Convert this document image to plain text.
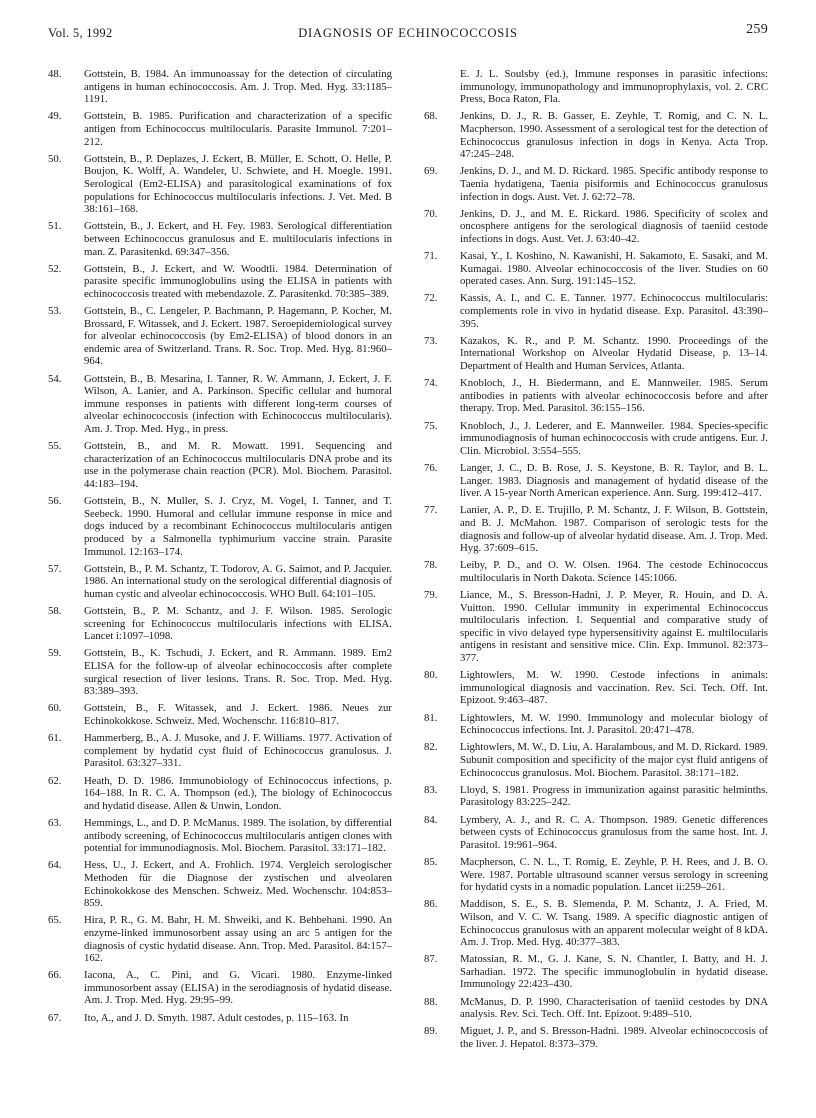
Vol. 5, 1992	DIAGNOSIS OF ECHINOCOCCOSIS	259
48. Gottstein, B. 1984. An immunoassay for the detection of circulating antigens in human echinococcosis. Am. J. Trop. Med. Hyg. 33:1185–1191.
49. Gottstein, B. 1985. Purification and characterization of a specific antigen from Echinococcus multilocularis. Parasite Immunol. 7:201–212.
50. Gottstein, B., P. Deplazes, J. Eckert, B. Müller, E. Schott, O. Helle, P. Boujon, K. Wolff, A. Wandeler, U. Schwiete, and H. Moegle. 1991. Serological (Em2-ELISA) and parasitological examinations of fox populations for Echinococcus multilocularis infections. J. Vet. Med. B 38:161–168.
51. Gottstein, B., J. Eckert, and H. Fey. 1983. Serological differentiation between Echinococcus granulosus and E. multilocularis infections in man. Z. Parasitenkd. 69:347–356.
52. Gottstein, B., J. Eckert, and W. Woodtli. 1984. Determination of parasite specific immunoglobulins using the ELISA in patients with echinococcosis treated with mebendazole. Z. Parasitenkd. 70:385–389.
53. Gottstein, B., C. Lengeler, P. Bachmann, P. Hagemann, P. Kocher, M. Brossard, F. Witassek, and J. Eckert. 1987. Seroepidemiological survey for alveolar echinococcosis (by Em2-ELISA) of blood donors in an endemic area of Switzerland. Trans. R. Soc. Trop. Med. Hyg. 81:960–964.
54. Gottstein, B., B. Mesarina, I. Tanner, R. W. Ammann, J. Eckert, J. F. Wilson, A. Lanier, and A. Parkinson. Specific cellular and humoral immune responses in patients with different long-term courses of alveolar echinococcosis (infection with Echinococcus multilocularis). Am. J. Trop. Med. Hyg., in press.
55. Gottstein, B., and M. R. Mowatt. 1991. Sequencing and characterization of an Echinococcus multilocularis DNA probe and its use in the polymerase chain reaction (PCR). Mol. Biochem. Parasitol. 44:183–194.
56. Gottstein, B., N. Muller, S. J. Cryz, M. Vogel, I. Tanner, and T. Seebeck. 1990. Humoral and cellular immune response in mice and dogs induced by a recombinant Echinococcus multilocularis antigen produced by a Salmonella typhimurium vaccine strain. Parasite Immunol. 12:163–174.
57. Gottstein, B., P. M. Schantz, T. Todorov, A. G. Saimot, and P. Jacquier. 1986. An international study on the serological differential diagnosis of human cystic and alveolar echinococcosis. WHO Bull. 64:101–105.
58. Gottstein, B., P. M. Schantz, and J. F. Wilson. 1985. Serologic screening for Echinococcus multilocularis infections with ELISA. Lancet i:1097–1098.
59. Gottstein, B., K. Tschudi, J. Eckert, and R. Ammann. 1989. Em2 ELISA for the follow-up of alveolar echinococcosis after complete surgical resection of liver lesions. Trans. R. Soc. Trop. Med. Hyg. 83:389–393.
60. Gottstein, B., F. Witassek, and J. Eckert. 1986. Neues zur Echinokokkose. Schweiz. Med. Wochenschr. 116:810–817.
61. Hammerberg, B., A. J. Musoke, and J. F. Williams. 1977. Activation of complement by hydatid cyst fluid of Echinococcus granulosus. J. Parasitol. 63:327–331.
62. Heath, D. D. 1986. Immunobiology of Echinococcus infections, p. 164–188. In R. C. A. Thompson (ed.), The biology of Echinococcus and hydatid disease. Allen & Unwin, London.
63. Hemmings, L., and D. P. McManus. 1989. The isolation, by differential antibody screening, of Echinococcus multilocularis antigen clones with potential for immunodiagnosis. Mol. Biochem. Parasitol. 33:171–182.
64. Hess, U., J. Eckert, and A. Frohlich. 1974. Vergleich serologischer Methoden für die Diagnose der zystischen und alveolaren Echinokokkose des Menschen. Schweiz. Med. Wochenschr. 104:853–859.
65. Hira, P. R., G. M. Bahr, H. M. Shweiki, and K. Behbehani. 1990. An enzyme-linked immunosorbent assay using an arc 5 antigen for the diagnosis of cystic hydatid disease. Ann. Trop. Med. Parasitol. 84:157–162.
66. Iacona, A., C. Pini, and G. Vicari. 1980. Enzyme-linked immunosorbent assay (ELISA) in the serodiagnosis of hydatid disease. Am. J. Trop. Med. Hyg. 29:95–99.
67. Ito, A., and J. D. Smyth. 1987. Adult cestodes, p. 115–163. In
E. J. L. Soulsby (ed.), Immune responses in parasitic infections: immunology, immunopathology and immunoprophylaxis, vol. 2. CRC Press, Boca Raton, Fla.
68. Jenkins, D. J., R. B. Gasser, E. Zeyhle, T. Romig, and C. N. L. Macpherson. 1990. Assessment of a serological test for the detection of Echinococcus granulosus infection in dogs in Kenya. Acta Trop. 47:245–248.
69. Jenkins, D. J., and M. D. Rickard. 1985. Specific antibody response to Taenia hydatigena, Taenia pisiformis and Echinococcus granulosus infection in dogs. Aust. Vet. J. 62:72–78.
70. Jenkins, D. J., and M. E. Rickard. 1986. Specificity of scolex and oncosphere antigens for the serological diagnosis of taeniid cestode infections in dogs. Aust. Vet. J. 63:40–42.
71. Kasai, Y., I. Koshino, N. Kawanishi, H. Sakamoto, E. Sasaki, and M. Kumagai. 1980. Alveolar echinococcosis of the liver. Studies on 60 operated cases. Ann. Surg. 191:145–152.
72. Kassis, A. I., and C. E. Tanner. 1977. Echinococcus multilocularis: complements role in vivo in hydatid disease. Exp. Parasitol. 43:390–395.
73. Kazakos, K. R., and P. M. Schantz. 1990. Proceedings of the International Workshop on Alveolar Hydatid Disease, p. 13–14. Department of Health and Human Services, Atlanta.
74. Knobloch, J., H. Biedermann, and E. Mannweiler. 1985. Serum antibodies in patients with alveolar echinococcosis before and after therapy. Trop. Med. Parasitol. 36:155–156.
75. Knobloch, J., J. Lederer, and E. Mannweiler. 1984. Species-specific immunodiagnosis of human echinococcosis with crude antigens. Eur. J. Clin. Microbiol. 3:554–555.
76. Langer, J. C., D. B. Rose, J. S. Keystone, B. R. Taylor, and B. L. Langer. 1983. Diagnosis and management of hydatid disease of the liver. A 15-year North American experience. Ann. Surg. 199:412–417.
77. Lanier, A. P., D. E. Trujillo, P. M. Schantz, J. F. Wilson, B. Gottstein, and B. J. McMahon. 1987. Comparison of serologic tests for the diagnosis and follow-up of alveolar hydatid disease. Am. J. Trop. Med. Hyg. 37:609–615.
78. Leiby, P. D., and O. W. Olsen. 1964. The cestode Echinococcus multilocularis in North Dakota. Science 145:1066.
79. Liance, M., S. Bresson-Hadni, J. P. Meyer, R. Houin, and D. A. Vuitton. 1990. Cellular immunity in experimental Echinococcus multilocularis infection. I. Sequential and comparative study of specific in vivo delayed type hypersensitivity against E. multilocularis antigens in resistant and sensitive mice. Clin. Exp. Immunol. 82:373–377.
80. Lightowlers, M. W. 1990. Cestode infections in animals: immunological diagnosis and vaccination. Rev. Sci. Tech. Off. Int. Epizoot. 9:463–487.
81. Lightowlers, M. W. 1990. Immunology and molecular biology of Echinococcus infections. Int. J. Parasitol. 20:471–478.
82. Lightowlers, M. W., D. Liu, A. Haralambous, and M. D. Rickard. 1989. Subunit composition and specificity of the major cyst fluid antigens of Echinococcus granulosus. Mol. Biochem. Parasitol. 38:171–182.
83. Lloyd, S. 1981. Progress in immunization against parasitic helminths. Parasitology 83:225–242.
84. Lymbery, A. J., and R. C. A. Thompson. 1989. Genetic differences between cysts of Echinococcus granulosus from the same host. Int. J. Parasitol. 19:961–964.
85. Macpherson, C. N. L., T. Romig, E. Zeyhle, P. H. Rees, and J. B. O. Were. 1987. Portable ultrasound scanner versus serology in screening for hydatid cysts in a nomadic population. Lancet ii:259–261.
86. Maddison, S. E., S. B. Slemenda, P. M. Schantz, J. A. Fried, M. Wilson, and V. C. W. Tsang. 1989. A specific diagnostic antigen of Echinococcus granulosus with an apparent molecular weight of 8 kDA. Am. J. Trop. Med. Hyg. 40:377–383.
87. Matossian, R. M., G. J. Kane, S. N. Chantler, I. Batty, and H. J. Sarhadian. 1972. The specific immunoglobulin in hydatid disease. Immunology 22:423–430.
88. McManus, D. P. 1990. Characterisation of taeniid cestodes by DNA analysis. Rev. Sci. Tech. Off. Int. Epizoot. 9:489–510.
89. Miguet, J. P., and S. Bresson-Hadni. 1989. Alveolar echinococcosis of the liver. J. Hepatol. 8:373–379.
